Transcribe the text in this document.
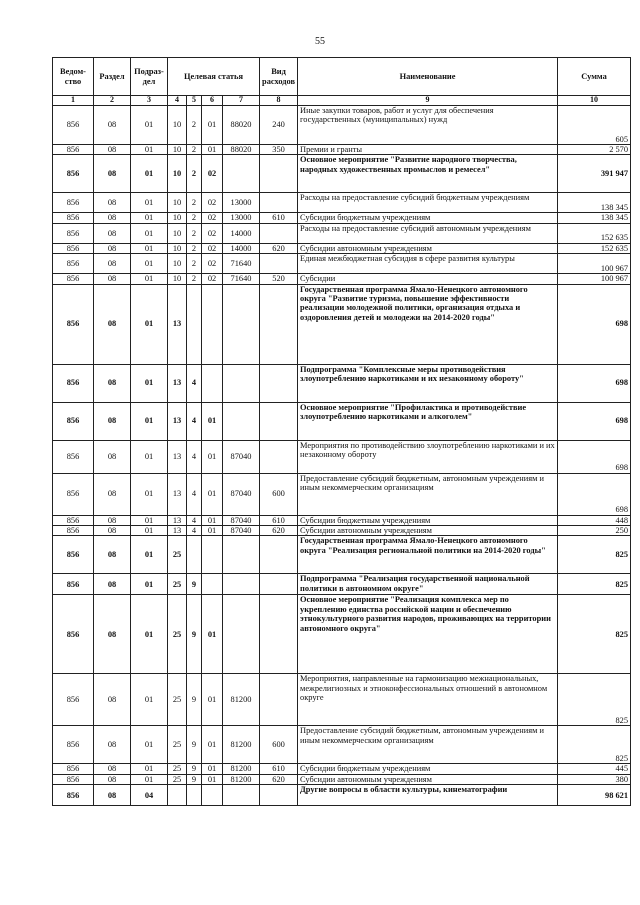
55
Ведом-ство	Раздел	Подраз-дел	Целевая статья				Вид расходов	Наименование	Сумма
1	2	3	4	5	6	7	8	9	10
856	08	01	10	2	01	88020	240	Иные закупки товаров, работ и услуг для обеспечения государственных (муниципальных) нужд	605
856	08	01	10	2	01	88020	350	Премии и гранты	2 570
856	08	01	10	2	02			Основное мероприятие "Развитие народного творчества, народных художественных промыслов и ремесел"	391 947
856	08	01	10	2	02	13000		Расходы на предоставление субсидий бюджетным учреждениям	138 345
856	08	01	10	2	02	13000	610	Субсидии бюджетным учреждениям	138 345
856	08	01	10	2	02	14000		Расходы на предоставление субсидий автономным учреждениям	152 635
856	08	01	10	2	02	14000	620	Субсидии автономным учреждениям	152 635
856	08	01	10	2	02	71640		Единая межбюджетная субсидия в сфере развития культуры	100 967
856	08	01	10	2	02	71640	520	Субсидии	100 967
856	08	01	13					Государственная программа Ямало-Ненецкого автономного округа "Развитие туризма, повышение эффективности реализации молодежной политики, организация отдыха и оздоровления детей и молодежи на 2014-2020 годы"	698
856	08	01	13	4				Подпрограмма "Комплексные меры противодействия злоупотреблению наркотиками и их незаконному обороту"	698
856	08	01	13	4	01			Основное мероприятие "Профилактика и противодействие злоупотреблению наркотиками и алкоголем"	698
856	08	01	13	4	01	87040		Мероприятия по противодействию злоупотреблению наркотиками и их незаконному обороту	698
856	08	01	13	4	01	87040	600	Предоставление субсидий бюджетным, автономным учреждениям и иным некоммерческим организациям	698
856	08	01	13	4	01	87040	610	Субсидии бюджетным учреждениям	448
856	08	01	13	4	01	87040	620	Субсидии автономным учреждениям	250
856	08	01	25					Государственная программа Ямало-Ненецкого автономного округа "Реализация региональной политики на 2014-2020 годы"	825
856	08	01	25	9				Подпрограмма "Реализация государственной национальной политики в автономном округе"	825
856	08	01	25	9	01			Основное мероприятие "Реализация комплекса мер по укреплению единства российской нации и обеспечению этнокультурного развития народов, проживающих на территории автономного округа"	825
856	08	01	25	9	01	81200		Мероприятия, направленные на гармонизацию межнациональных, межрелигиозных и этноконфессиональных отношений в автономном округе	825
856	08	01	25	9	01	81200	600	Предоставление субсидий бюджетным, автономным учреждениям и иным некоммерческим организациям	825
856	08	01	25	9	01	81200	610	Субсидии бюджетным учреждениям	445
856	08	01	25	9	01	81200	620	Субсидии автономным учреждениям	380
856	08	04						Другие вопросы в области культуры, кинематографии	98 621
